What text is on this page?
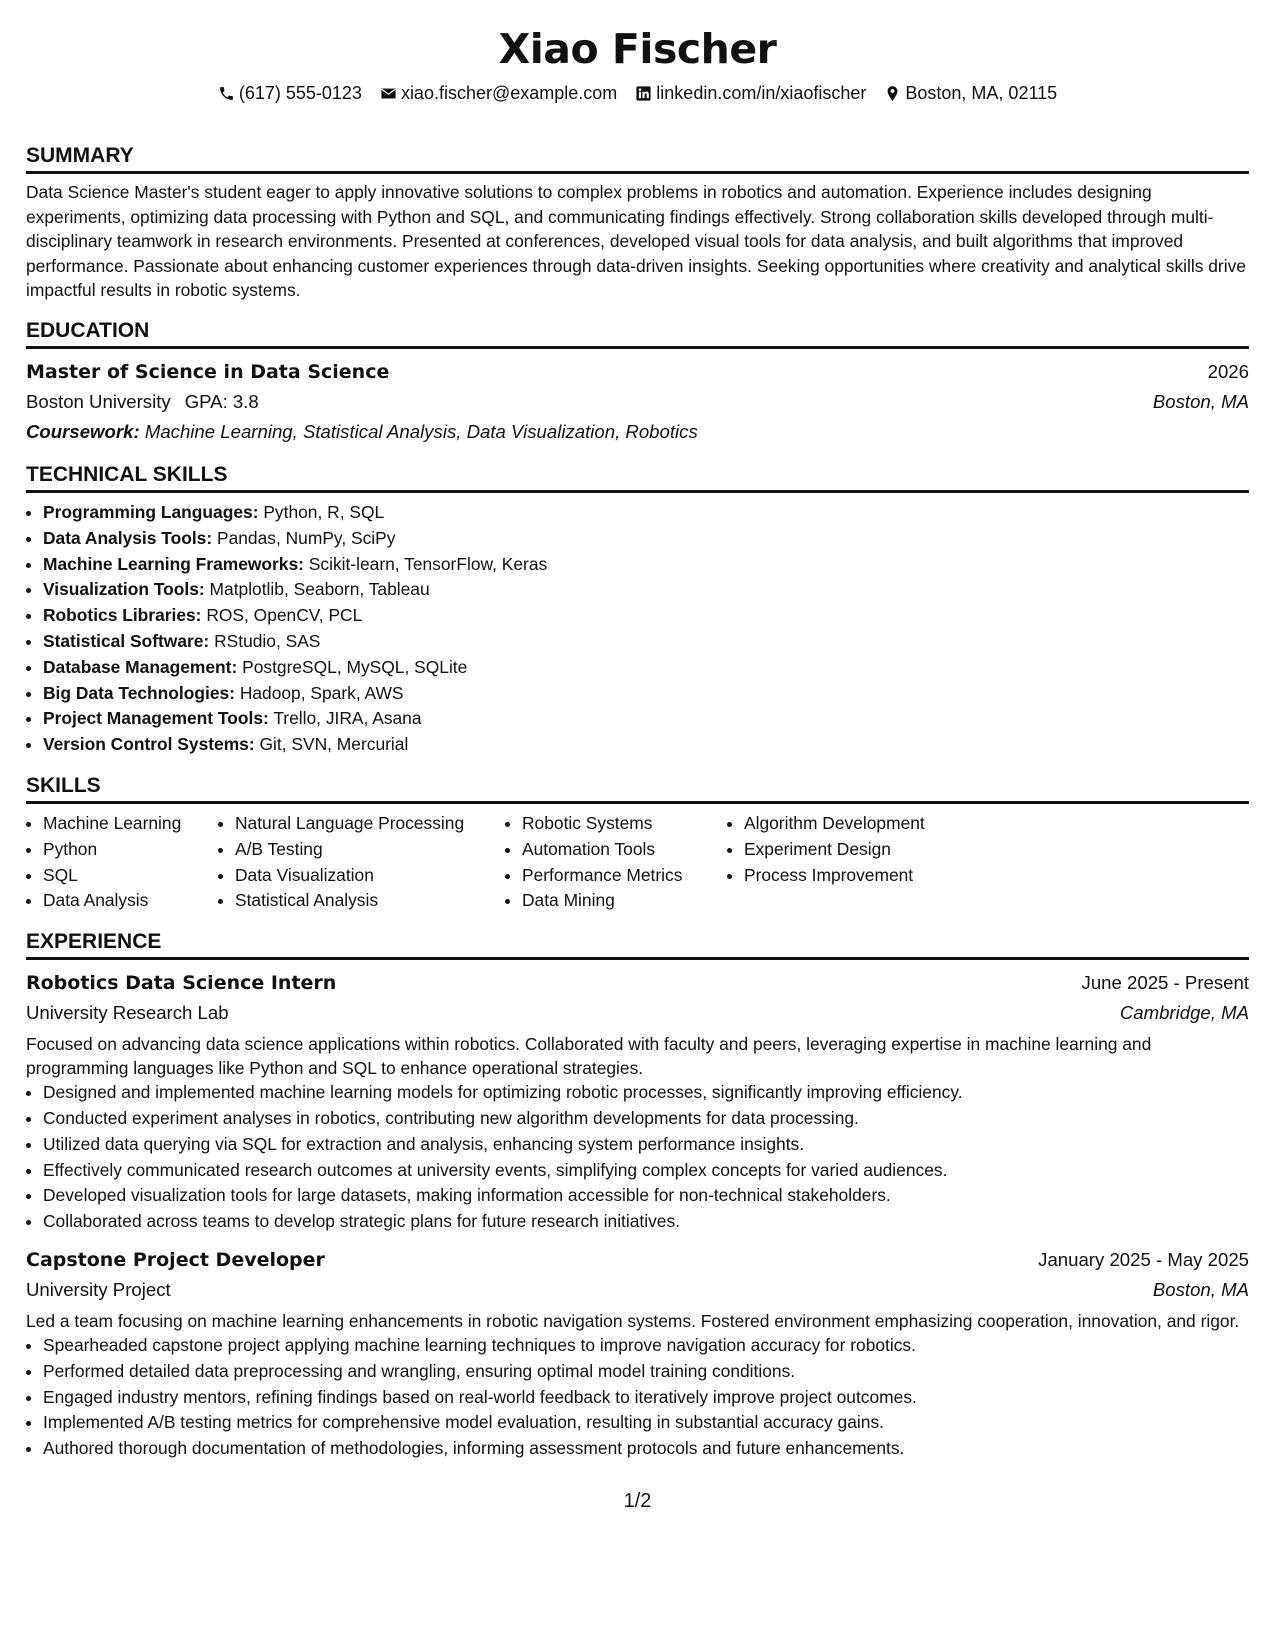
Xiao Fischer
(617) 555-0123 xiao.fischer@example.com linkedin.com/in/xiaofischer Boston, MA, 02115
SUMMARY
Data Science Master's student eager to apply innovative solutions to complex problems in robotics and automation. Experience includes designing experiments, optimizing data processing with Python and SQL, and communicating findings effectively. Strong collaboration skills developed through multi-disciplinary teamwork in research environments. Presented at conferences, developed visual tools for data analysis, and built algorithms that improved performance. Passionate about enhancing customer experiences through data-driven insights. Seeking opportunities where creativity and analytical skills drive impactful results in robotic systems.
EDUCATION
Master of Science in Data Science	2026
Boston University GPA: 3.8	Boston, MA
Coursework: Machine Learning, Statistical Analysis, Data Visualization, Robotics
TECHNICAL SKILLS
• Programming Languages: Python, R, SQL
• Data Analysis Tools: Pandas, NumPy, SciPy
• Machine Learning Frameworks: Scikit-learn, TensorFlow, Keras
• Visualization Tools: Matplotlib, Seaborn, Tableau
• Robotics Libraries: ROS, OpenCV, PCL
• Statistical Software: RStudio, SAS
• Database Management: PostgreSQL, MySQL, SQLite
• Big Data Technologies: Hadoop, Spark, AWS
• Project Management Tools: Trello, JIRA, Asana
• Version Control Systems: Git, SVN, Mercurial
SKILLS
• Machine Learning
• Python
• SQL
• Data Analysis
• Natural Language Processing
• A/B Testing
• Data Visualization
• Statistical Analysis
• Robotic Systems
• Automation Tools
• Performance Metrics
• Data Mining
• Algorithm Development
• Experiment Design
• Process Improvement
EXPERIENCE
Robotics Data Science Intern	June 2025 - Present
University Research Lab	Cambridge, MA
Focused on advancing data science applications within robotics. Collaborated with faculty and peers, leveraging expertise in machine learning and programming languages like Python and SQL to enhance operational strategies.
• Designed and implemented machine learning models for optimizing robotic processes, significantly improving efficiency.
• Conducted experiment analyses in robotics, contributing new algorithm developments for data processing.
• Utilized data querying via SQL for extraction and analysis, enhancing system performance insights.
• Effectively communicated research outcomes at university events, simplifying complex concepts for varied audiences.
• Developed visualization tools for large datasets, making information accessible for non-technical stakeholders.
• Collaborated across teams to develop strategic plans for future research initiatives.
Capstone Project Developer	January 2025 - May 2025
University Project	Boston, MA
Led a team focusing on machine learning enhancements in robotic navigation systems. Fostered environment emphasizing cooperation, innovation, and rigor.
• Spearheaded capstone project applying machine learning techniques to improve navigation accuracy for robotics.
• Performed detailed data preprocessing and wrangling, ensuring optimal model training conditions.
• Engaged industry mentors, refining findings based on real-world feedback to iteratively improve project outcomes.
• Implemented A/B testing metrics for comprehensive model evaluation, resulting in substantial accuracy gains.
• Authored thorough documentation of methodologies, informing assessment protocols and future enhancements.
1/2
